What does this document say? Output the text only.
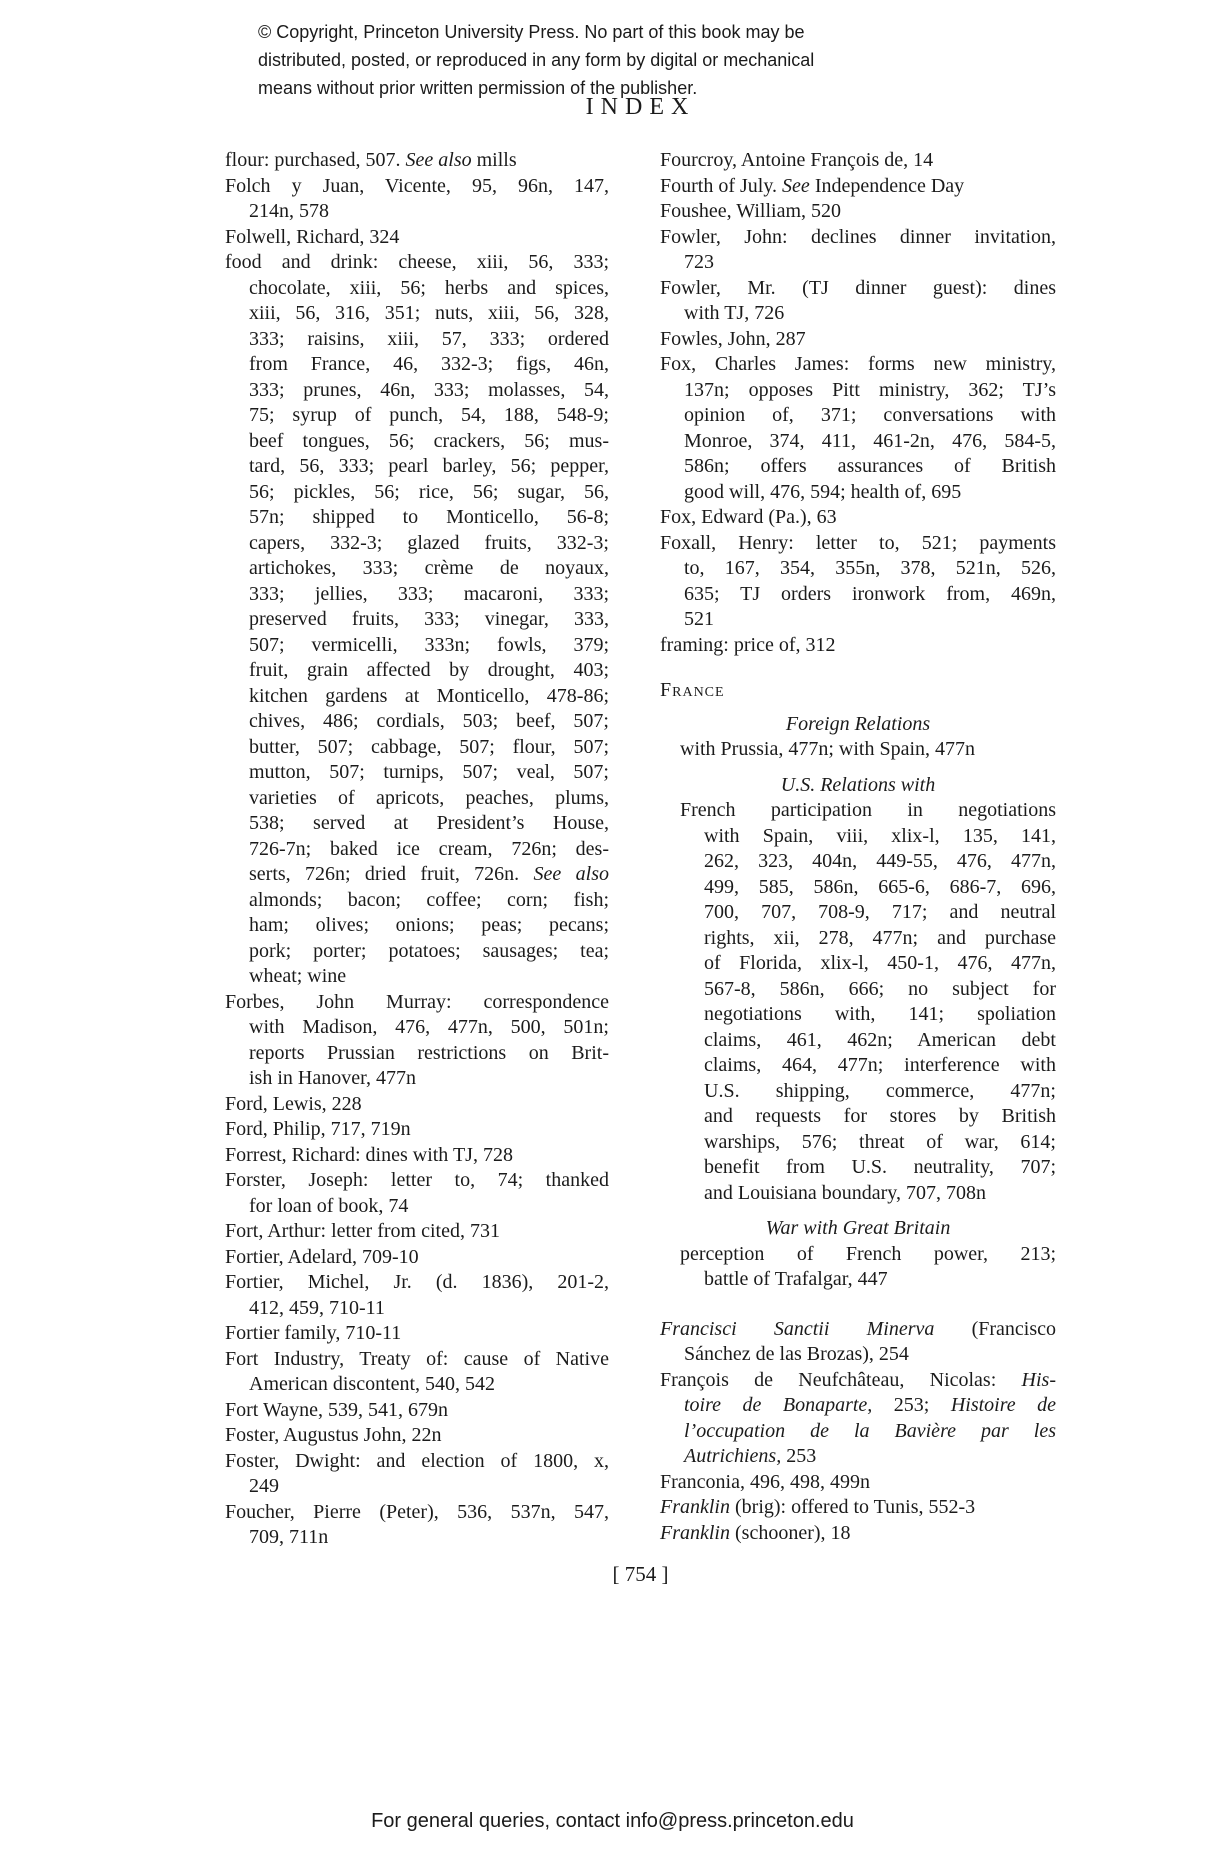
© Copyright, Princeton University Press. No part of this book may be
distributed, posted, or reproduced in any form by digital or mechanical
means without prior written permission of the publisher.
INDEX
flour: purchased, 507. See also mills
Folch y Juan, Vicente, 95, 96n, 147,
214n, 578
Folwell, Richard, 324
food and drink: cheese, xiii, 56, 333;
chocolate, xiii, 56; herbs and spices,
xiii, 56, 316, 351; nuts, xiii, 56, 328,
333; raisins, xiii, 57, 333; ordered
from France, 46, 332-3; figs, 46n,
333; prunes, 46n, 333; molasses, 54,
75; syrup of punch, 54, 188, 548-9;
beef tongues, 56; crackers, 56; mus-
tard, 56, 333; pearl barley, 56; pepper,
56; pickles, 56; rice, 56; sugar, 56,
57n; shipped to Monticello, 56-8;
capers, 332-3; glazed fruits, 332-3;
artichokes, 333; crème de noyaux,
333; jellies, 333; macaroni, 333;
preserved fruits, 333; vinegar, 333,
507; vermicelli, 333n; fowls, 379;
fruit, grain affected by drought, 403;
kitchen gardens at Monticello, 478-86;
chives, 486; cordials, 503; beef, 507;
butter, 507; cabbage, 507; flour, 507;
mutton, 507; turnips, 507; veal, 507;
varieties of apricots, peaches, plums,
538; served at President’s House,
726-7n; baked ice cream, 726n; des-
serts, 726n; dried fruit, 726n. See also
almonds; bacon; coffee; corn; fish;
ham; olives; onions; peas; pecans;
pork; porter; potatoes; sausages; tea;
wheat; wine
Forbes, John Murray: correspondence
with Madison, 476, 477n, 500, 501n;
reports Prussian restrictions on Brit-
ish in Hanover, 477n
Ford, Lewis, 228
Ford, Philip, 717, 719n
Forrest, Richard: dines with TJ, 728
Forster, Joseph: letter to, 74; thanked
for loan of book, 74
Fort, Arthur: letter from cited, 731
Fortier, Adelard, 709-10
Fortier, Michel, Jr. (d. 1836), 201-2,
412, 459, 710-11
Fortier family, 710-11
Fort Industry, Treaty of: cause of Native
American discontent, 540, 542
Fort Wayne, 539, 541, 679n
Foster, Augustus John, 22n
Foster, Dwight: and election of 1800, x,
249
Foucher, Pierre (Peter), 536, 537n, 547,
709, 711n
Fourcroy, Antoine François de, 14
Fourth of July. See Independence Day
Foushee, William, 520
Fowler, John: declines dinner invitation,
723
Fowler, Mr. (TJ dinner guest): dines
with TJ, 726
Fowles, John, 287
Fox, Charles James: forms new ministry,
137n; opposes Pitt ministry, 362; TJ’s
opinion of, 371; conversations with
Monroe, 374, 411, 461-2n, 476, 584-5,
586n; offers assurances of British
good will, 476, 594; health of, 695
Fox, Edward (Pa.), 63
Foxall, Henry: letter to, 521; payments
to, 167, 354, 355n, 378, 521n, 526,
635; TJ orders ironwork from, 469n,
521
framing: price of, 312
France
Foreign Relations
with Prussia, 477n; with Spain, 477n
U.S. Relations with
French participation in negotiations
with Spain, viii, xlix-l, 135, 141,
262, 323, 404n, 449-55, 476, 477n,
499, 585, 586n, 665-6, 686-7, 696,
700, 707, 708-9, 717; and neutral
rights, xii, 278, 477n; and purchase
of Florida, xlix-l, 450-1, 476, 477n,
567-8, 586n, 666; no subject for
negotiations with, 141; spoliation
claims, 461, 462n; American debt
claims, 464, 477n; interference with
U.S. shipping, commerce, 477n;
and requests for stores by British
warships, 576; threat of war, 614;
benefit from U.S. neutrality, 707;
and Louisiana boundary, 707, 708n
War with Great Britain
perception of French power, 213;
battle of Trafalgar, 447
Francisci Sanctii Minerva (Francisco
Sánchez de las Brozas), 254
François de Neufchâteau, Nicolas: His-
toire de Bonaparte, 253; Histoire de
l’occupation de la Bavière par les
Autrichiens, 253
Franconia, 496, 498, 499n
Franklin (brig): offered to Tunis, 552-3
Franklin (schooner), 18
[ 754 ]
For general queries, contact info@press.princeton.edu
